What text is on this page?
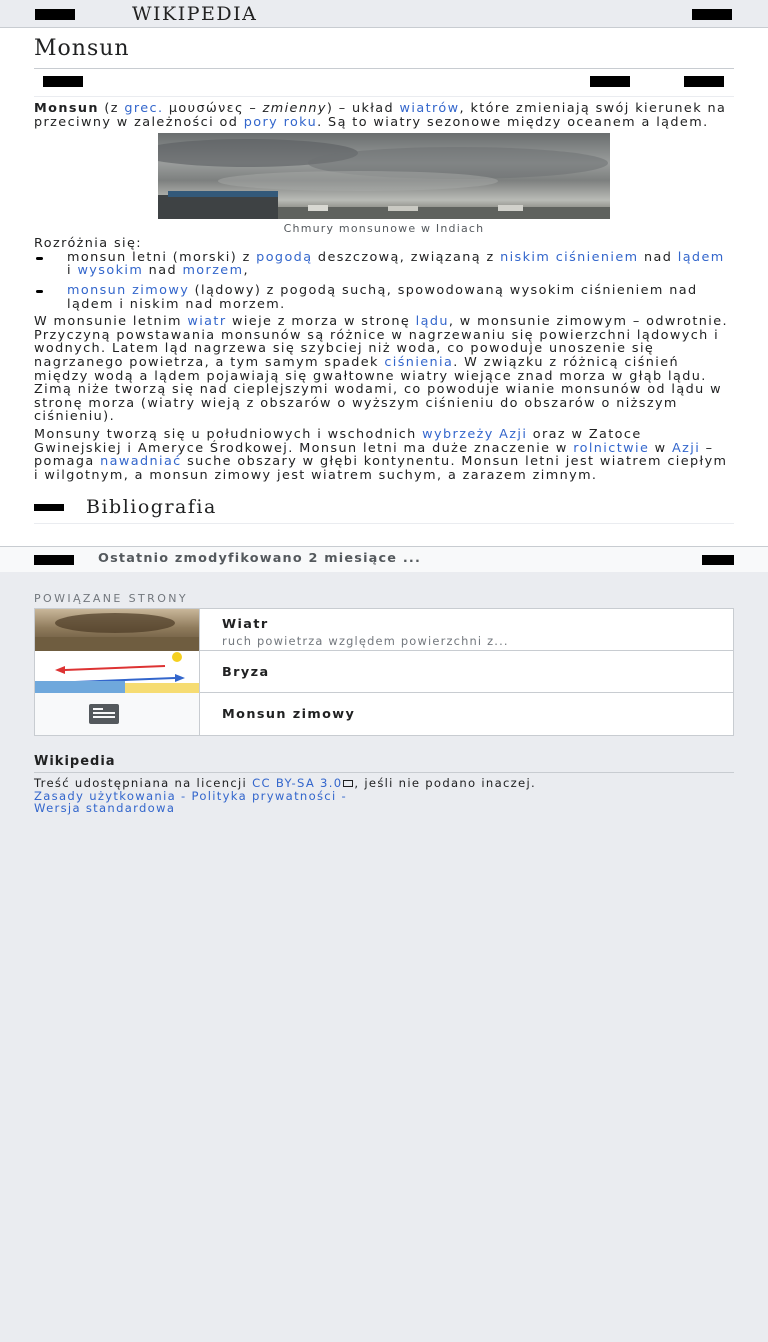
WIKIPEDIA
Monsun

Monsun (z grec. μουσώνες – zmienny) – układ wiatrów, które zmieniają swój kierunek na przeciwny w zależności od pory roku. Są to wiatry sezonowe między oceanem a lądem.

Chmury monsunowe w Indiach

Rozróżnia się:

monsun letni (morski) z pogodą deszczową, związaną z niskim ciśnieniem nad lądem i wysokim nad morzem,
monsun zimowy (lądowy) z pogodą suchą, spowodowaną wysokim ciśnieniem nad lądem i niskim nad morzem.

W monsunie letnim wiatr wieje z morza w stronę lądu, w monsunie zimowym – odwrotnie. Przyczyną powstawania monsunów są różnice w nagrzewaniu się powierzchni lądowych i wodnych. Latem ląd nagrzewa się szybciej niż woda, co powoduje unoszenie się nagrzanego powietrza, a tym samym spadek ciśnienia. W związku z różnicą ciśnień między wodą a lądem pojawiają się gwałtowne wiatry wiejące znad morza w głąb lądu. Zimą niże tworzą się nad cieplejszymi wodami, co powoduje wianie monsunów od lądu w stronę morza (wiatry wieją z obszarów o wyższym ciśnieniu do obszarów o niższym ciśnieniu).

Monsuny tworzą się u południowych i wschodnich wybrzeży Azji oraz w Zatoce Gwinejskiej i Ameryce Środkowej. Monsun letni ma duże znaczenie w rolnictwie w Azji – pomaga nawadniać suche obszary w głębi kontynentu. Monsun letni jest wiatrem ciepłym i wilgotnym, a monsun zimowy jest wiatrem suchym, a zarazem zimnym.

Bibliografia
Ostatnio zmodyfikowano 2 miesiące ...
POWIĄZANE STRONY
Wiatr
ruch powietrza względem powierzchni z...
Bryza
Monsun zimowy
Wikipedia
Treść udostępniana na licencji CC BY-SA 3.0 , jeśli nie podano inaczej.
Zasady użytkowania - Polityka prywatności -
Wersja standardowa
